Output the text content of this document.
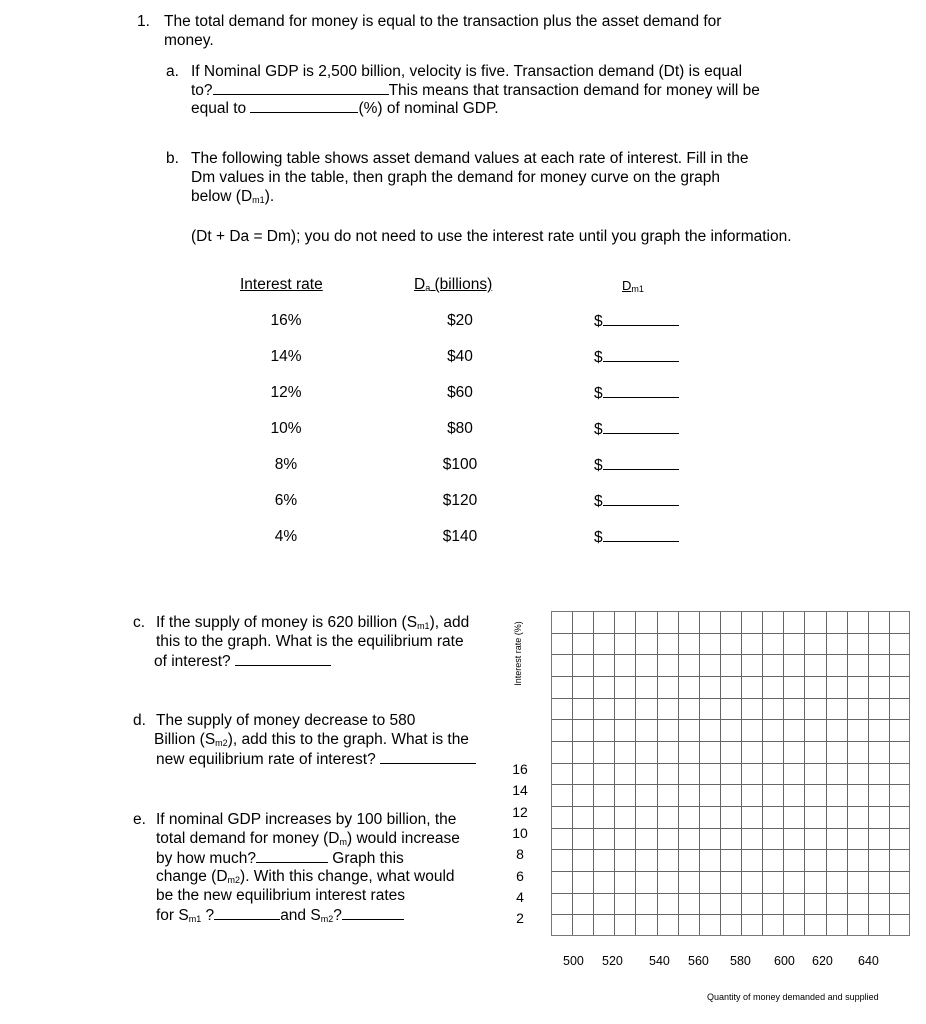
1. The total demand for money is equal to the transaction plus the asset demand for
money.
a. If Nominal GDP is 2,500 billion, velocity is five. Transaction demand (Dt) is equal
to?	This means that transaction demand for money will be
equal to	(%) of nominal GDP.
b. The following table shows asset demand values at each rate of interest. Fill in the
Dm values in the table, then graph the demand for money curve on the graph
below $(D_{m1})$.
(Dt + Da = Dm); you do not need to use the interest rate until you graph the information.
Interest rate	$D_a$ (billions)	$D_{m1}$
16%	$20	$
14%	$40	$
12%	$60	$
10%	$80	$
8%	$100	$
6%	$120	$
4%	$140	$
c. If the supply of money is 620 billion $(S_{m1})$, add
this to the graph. What is the equilibrium rate
of interest?
d. The supply of money decrease to 580
Billion $(S_{m2})$, add this to the graph. What is the
new equilibrium rate of interest?
e. If nominal GDP increases by 100 billion, the
total demand for money $(D_m)$ would increase
by how much?	Graph this
change $(D_{m2})$. With this change, what would
be the new equilibrium interest rates
for $S_{m1}$ ?	and $S_{m2}$?
Interest rate (%)
16
14
12
10
8
6
4
2
500 520 540 560 580 600 620 640
Quantity of money demanded and supplied
